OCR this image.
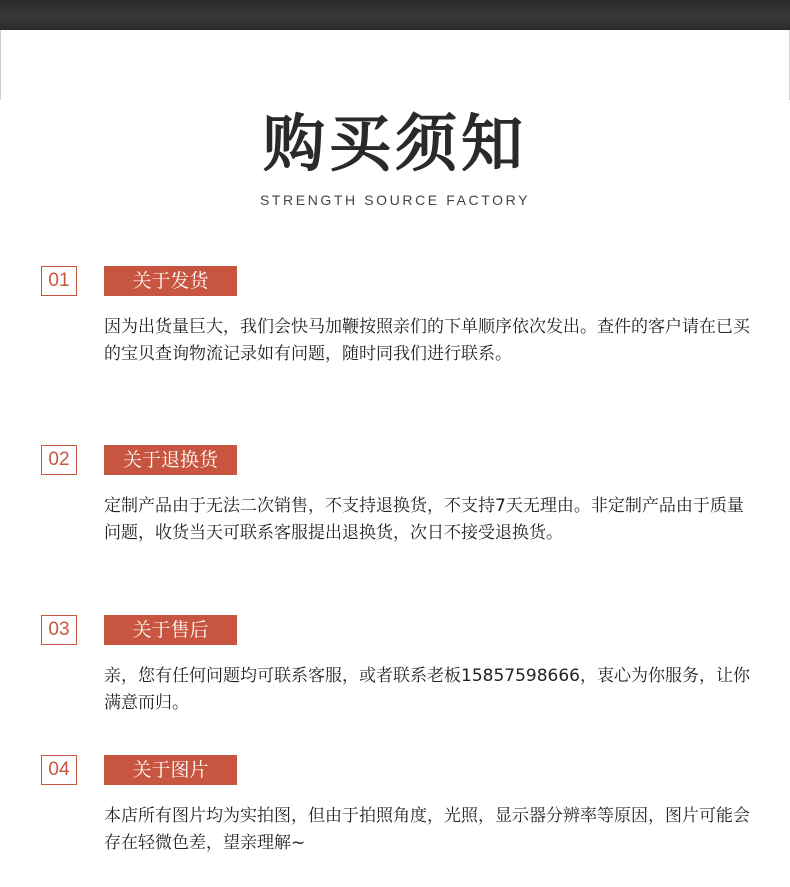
购买须知
STRENGTH SOURCE FACTORY
01	关于发货

因为出货量巨大，我们会快马加鞭按照亲们的下单顺序依次发出。查件的客户请在已买的宝贝查询物流记录如有问题，随时同我们进行联系。

02	关于退换货

定制产品由于无法二次销售，不支持退换货，不支持7天无理由。非定制产品由于质量问题，收货当天可联系客服提出退换货，次日不接受退换货。

03	关于售后

亲，您有任何问题均可联系客服，或者联系老板15857598666，衷心为你服务，让你满意而归。

04	关于图片

本店所有图片均为实拍图，但由于拍照角度，光照，显示器分辨率等原因，图片可能会存在轻微色差，望亲理解~
